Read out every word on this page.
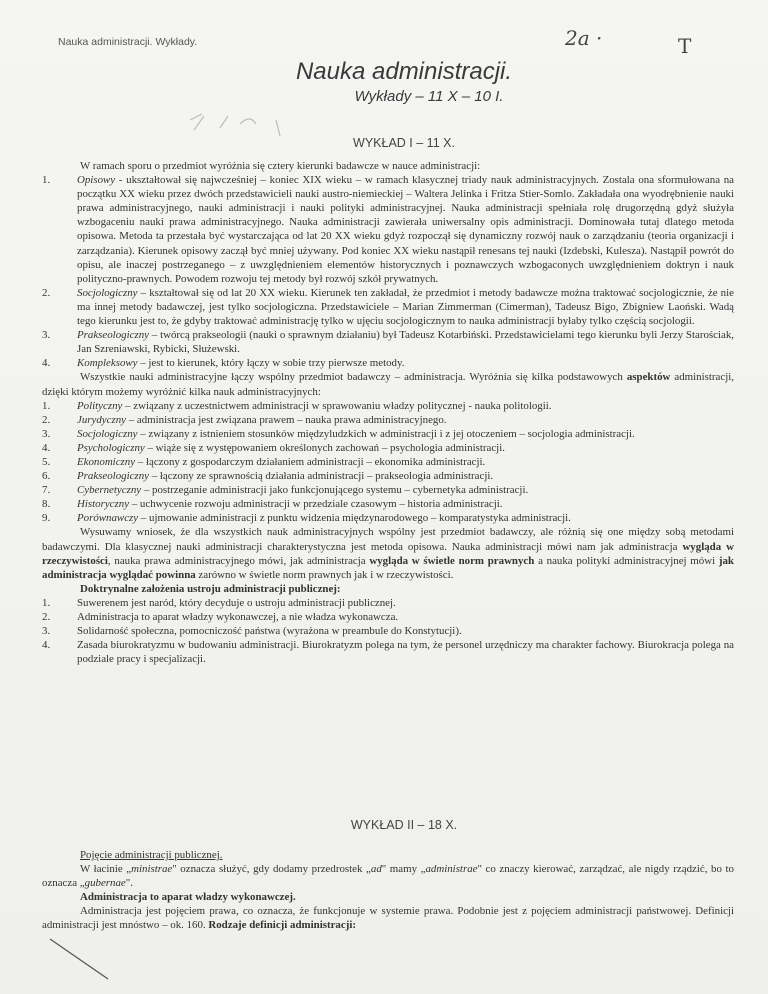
Nauka administracji. Wykłady.	2a ·	T
Nauka administracji.
Wykłady – 11 X – 10 I.
WYKŁAD I – 11 X.

W ramach sporu o przedmiot wyróżnia się cztery kierunki badawcze w nauce administracji:

1.	Opisowy - ukształtował się najwcześniej – koniec XIX wieku – w ramach klasycznej triady nauk administracyjnych. Zostala ona sformułowana na początku XX wieku przez dwóch przedstawicieli nauki austro-niemieckiej – Waltera Jelinka i Fritza Stier-Somlo. Zakładała ona wyodrębnienie nauki prawa administracyjnego, nauki administracji i nauki polityki administracyjnej. Nauka administracji spełniała rolę drugorzędną gdyż służyła wzbogaceniu nauki prawa administracyjnego. Nauka administracji zawierała uniwersalny opis administracji. Dominowała tutaj dlatego metoda opisowa. Metoda ta przestała być wystarczająca od lat 20 XX wieku gdyż rozpoczął się dynamiczny rozwój nauk o zarządzaniu (teoria organizacji i zarządzania). Kierunek opisowy zaczął być mniej używany. Pod koniec XX wieku nastąpił renesans tej nauki (Izdebski, Kulesza). Nastąpił powrót do opisu, ale inaczej postrzeganego – z uwzględnieniem elementów historycznych i poznawczych wzbogaconych uwzględnieniem doktryn i nauk polityczno-prawnych. Powodem rozwoju tej metody był rozwój szkół prywatnych.
2.	Socjologiczny – kształtował się od lat 20 XX wieku. Kierunek ten zakładał, że przedmiot i metody badawcze można traktować socjologicznie, że nie ma innej metody badawczej, jest tylko socjologiczna. Przedstawiciele – Marian Zimmerman (Cimerman), Tadeusz Bigo, Zbigniew Laoński. Wadą tego kierunku jest to, że gdyby traktować administrację tylko w ujęciu socjologicznym to nauka administracji byłaby tylko częścią socjologii.
3.	Prakseologiczny – twórcą prakseologii (nauki o sprawnym działaniu) był Tadeusz Kotarbiński. Przedstawicielami tego kierunku byli Jerzy Starościak, Jan Szreniawski, Rybicki, Służewski.
4.	Kompleksowy – jest to kierunek, który łączy w sobie trzy pierwsze metody.

Wszystkie nauki administracyjne łączy wspólny przedmiot badawczy – administracja. Wyróżnia się kilka podstawowych aspektów administracji, dzięki którym możemy wyróżnić kilka nauk administracyjnych:

1.	Polityczny – związany z uczestnictwem administracji w sprawowaniu władzy politycznej - nauka politologii.
2.	Jurydyczny – administracja jest związana prawem – nauka prawa administracyjnego.
3.	Socjologiczny – związany z istnieniem stosunków międzyludzkich w administracji i z jej otoczeniem – socjologia administracji.
4.	Psychologiczny – wiąże się z występowaniem określonych zachowań – psychologia administracji.
5.	Ekonomiczny – łączony z gospodarczym działaniem administracji – ekonomika administracji.
6.	Prakseologiczny – łączony ze sprawnością działania administracji – prakseologia administracji.
7.	Cybernetyczny – postrzeganie administracji jako funkcjonującego systemu – cybernetyka administracji.
8.	Historyczny – uchwycenie rozwoju administracji w przedziale czasowym – historia administracji.
9.	Porównawczy – ujmowanie administracji z punktu widzenia międzynarodowego – komparatystyka administracji.

Wysuwamy wniosek, że dla wszystkich nauk administracyjnych wspólny jest przedmiot badawczy, ale różnią się one między sobą metodami badawczymi. Dla klasycznej nauki administracji charakterystyczna jest metoda opisowa. Nauka administracji mówi nam jak administracja wygląda w rzeczywistości, nauka prawa administracyjnego mówi, jak administracja wygląda w świetle norm prawnych a nauka polityki administracyjnej mówi jak administracja wyglądać powinna zarówno w świetle norm prawnych jak i w rzeczywistości.

Doktrynalne założenia ustroju administracji publicznej:

1.	Suwerenem jest naród, który decyduje o ustroju administracji publicznej.
2.	Administracja to aparat władzy wykonawczej, a nie władza wykonawcza.
3.	Solidarność społeczna, pomocniczość państwa (wyrażona w preambule do Konstytucji).
4.	Zasada biurokratyzmu w budowaniu administracji. Biurokratyzm polega na tym, że personel urzędniczy ma charakter fachowy. Biurokracja polega na podziale pracy i specjalizacji.
WYKŁAD II – 18 X.

Pojęcie administracji publicznej.

W łacinie „ministrae" oznacza służyć, gdy dodamy przedrostek „ad" mamy „administrae" co znaczy kierować, zarządzać, ale nigdy rządzić, bo to oznacza „gubernae".

Administracja to aparat władzy wykonawczej.

Administracja jest pojęciem prawa, co oznacza, że funkcjonuje w systemie prawa. Podobnie jest z pojęciem administracji państwowej. Definicji administracji jest mnóstwo – ok. 160. Rodzaje definicji administracji:
